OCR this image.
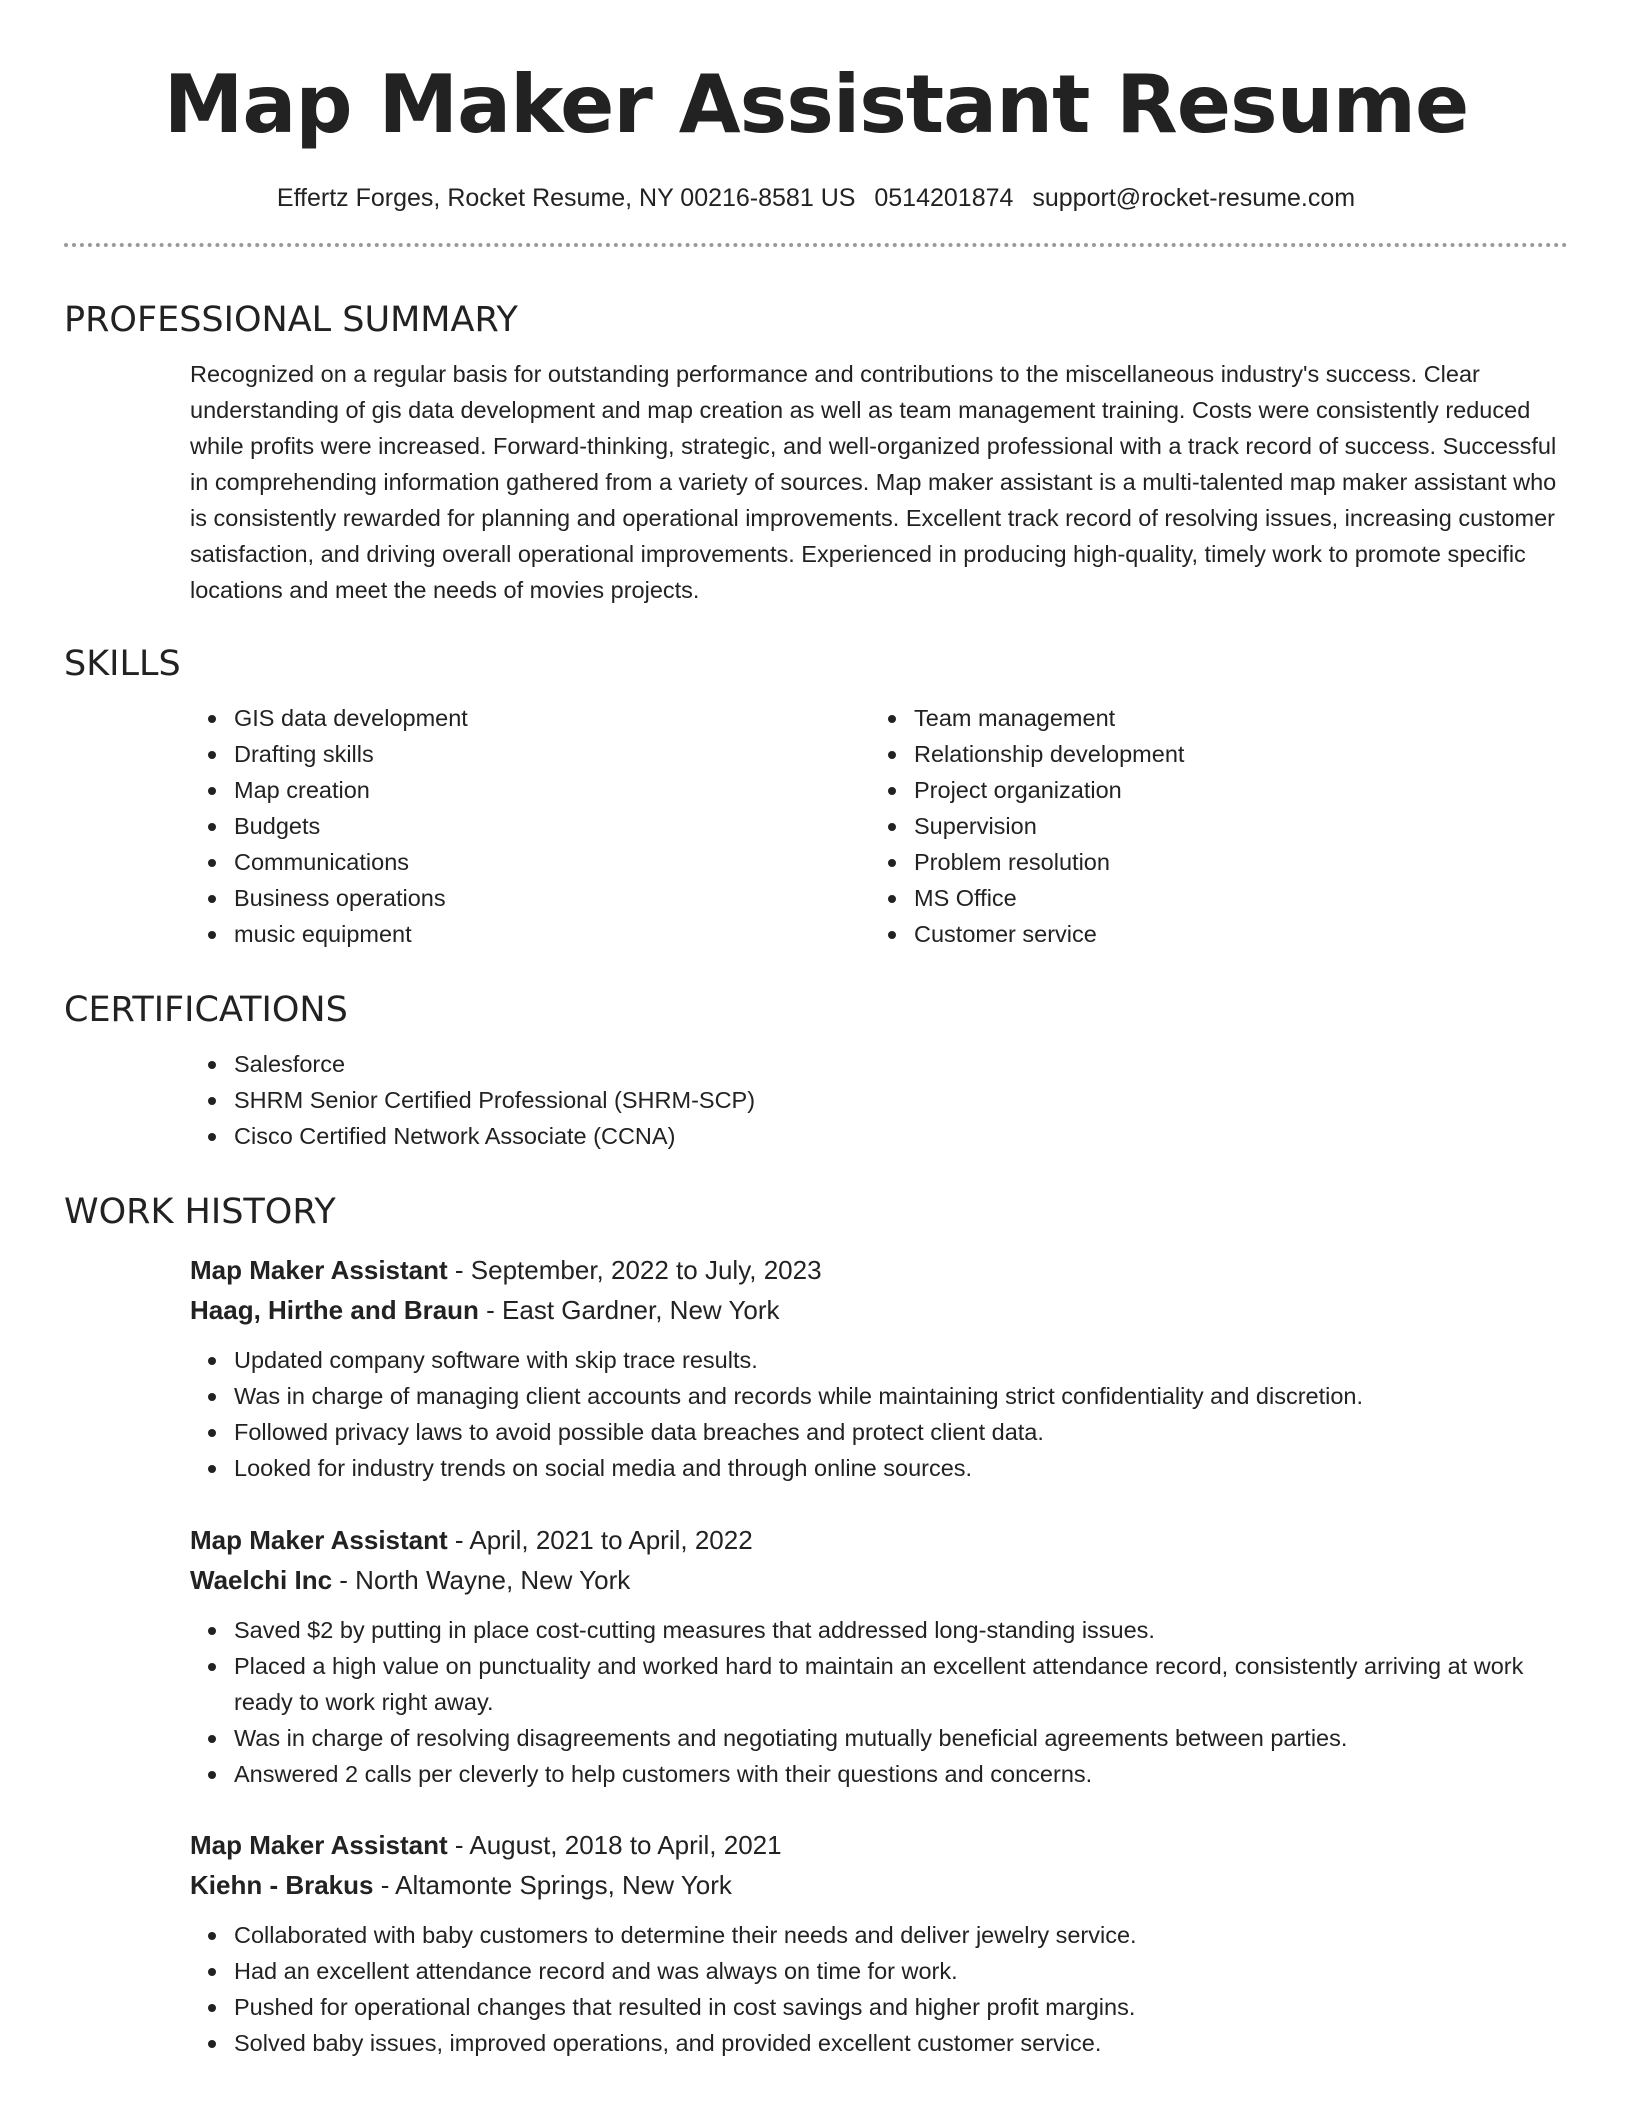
Map Maker Assistant Resume
Effertz Forges, Rocket Resume, NY 00216-8581 US 0514201874 support@rocket-resume.com
PROFESSIONAL SUMMARY
Recognized on a regular basis for outstanding performance and contributions to the miscellaneous industry's success. Clear understanding of gis data development and map creation as well as team management training. Costs were consistently reduced while profits were increased. Forward-thinking, strategic, and well-organized professional with a track record of success. Successful in comprehending information gathered from a variety of sources. Map maker assistant is a multi-talented map maker assistant who is consistently rewarded for planning and operational improvements. Excellent track record of resolving issues, increasing customer satisfaction, and driving overall operational improvements. Experienced in producing high-quality, timely work to promote specific locations and meet the needs of movies projects.
SKILLS
GIS data development
Drafting skills
Map creation
Budgets
Communications
Business operations
music equipment
Team management
Relationship development
Project organization
Supervision
Problem resolution
MS Office
Customer service
CERTIFICATIONS
Salesforce
SHRM Senior Certified Professional (SHRM-SCP)
Cisco Certified Network Associate (CCNA)
WORK HISTORY
Map Maker Assistant - September, 2022 to July, 2023
Haag, Hirthe and Braun - East Gardner, New York
Updated company software with skip trace results.
Was in charge of managing client accounts and records while maintaining strict confidentiality and discretion.
Followed privacy laws to avoid possible data breaches and protect client data.
Looked for industry trends on social media and through online sources.
Map Maker Assistant - April, 2021 to April, 2022
Waelchi Inc - North Wayne, New York
Saved $2 by putting in place cost-cutting measures that addressed long-standing issues.
Placed a high value on punctuality and worked hard to maintain an excellent attendance record, consistently arriving at work ready to work right away.
Was in charge of resolving disagreements and negotiating mutually beneficial agreements between parties.
Answered 2 calls per cleverly to help customers with their questions and concerns.
Map Maker Assistant - August, 2018 to April, 2021
Kiehn - Brakus - Altamonte Springs, New York
Collaborated with baby customers to determine their needs and deliver jewelry service.
Had an excellent attendance record and was always on time for work.
Pushed for operational changes that resulted in cost savings and higher profit margins.
Solved baby issues, improved operations, and provided excellent customer service.
